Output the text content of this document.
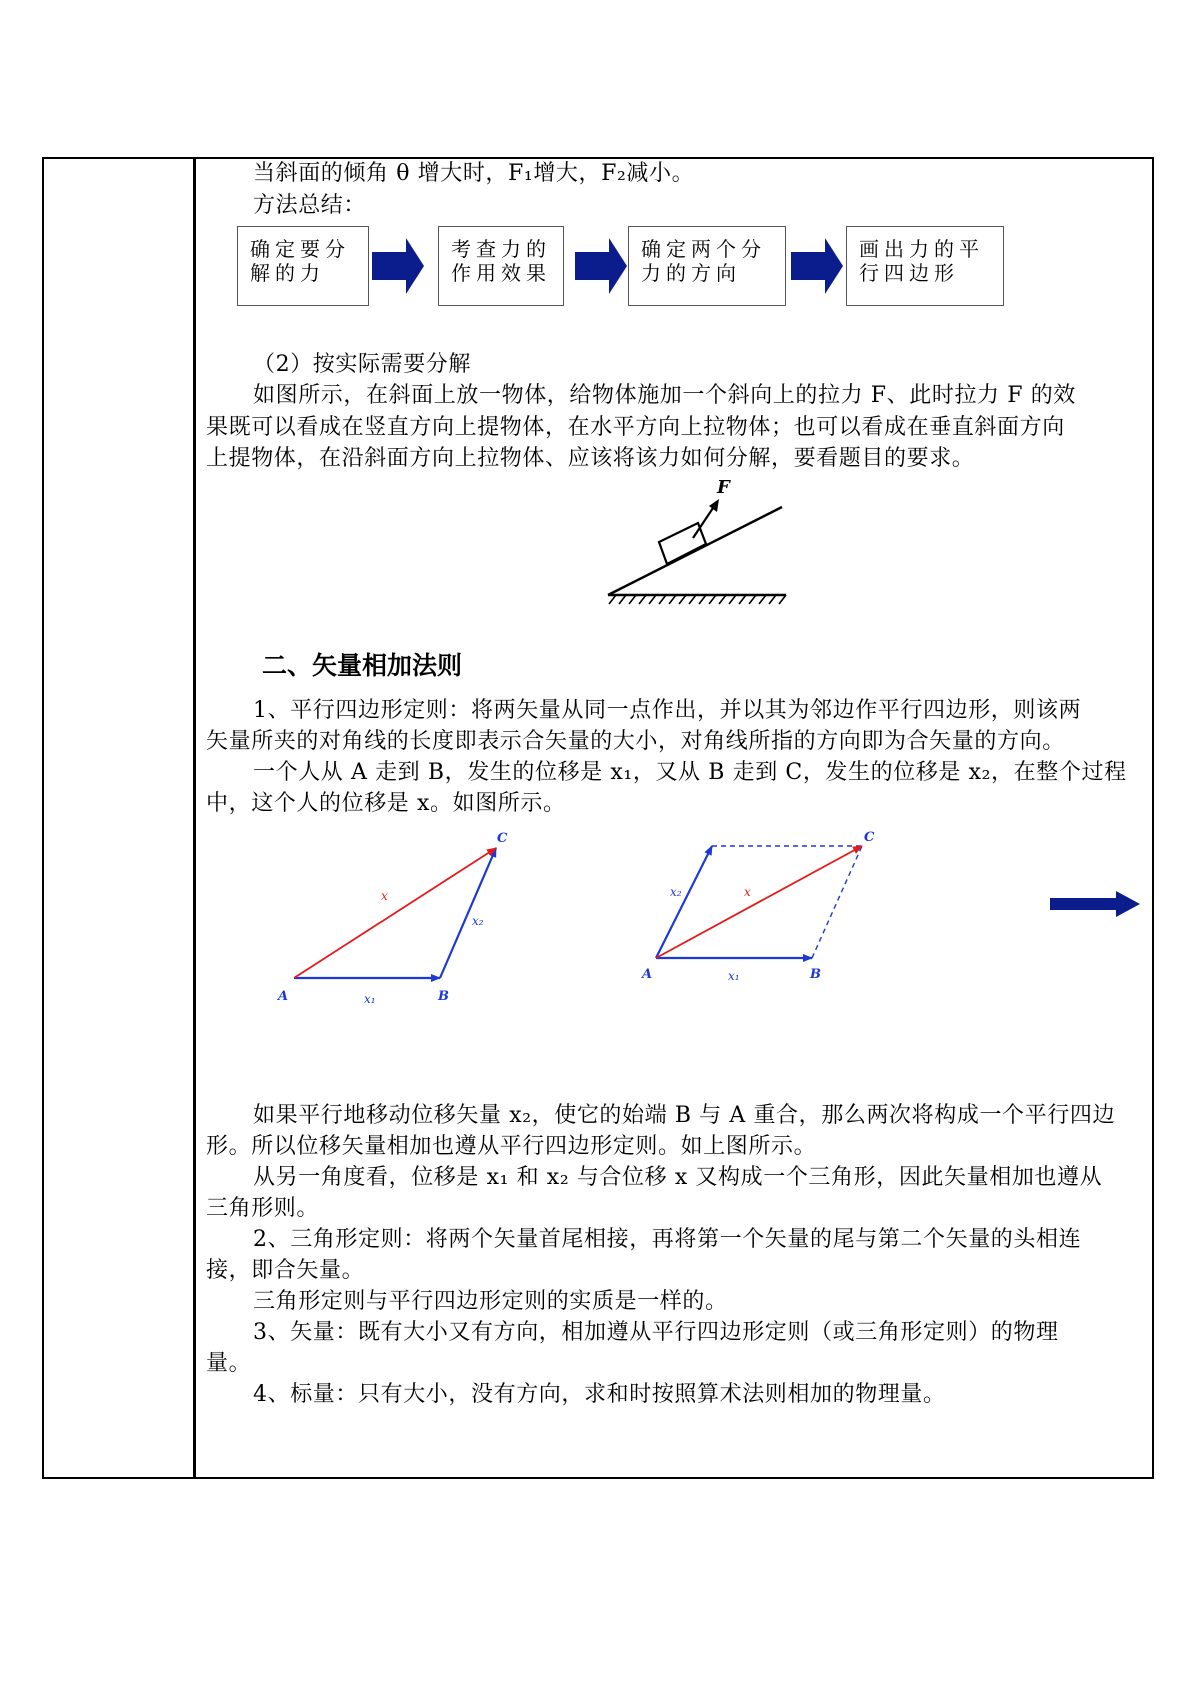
当斜面的倾角 θ 增大时，F₁增大，F₂减小。
方法总结：
确定要分
解的力
考查力的
作用效果
确定两个分
力的方向
画出力的平
行四边形
（2）按实际需要分解
如图所示，在斜面上放一物体，给物体施加一个斜向上的拉力 F、此时拉力 F 的效
果既可以看成在竖直方向上提物体，在水平方向上拉物体；也可以看成在垂直斜面方向
上提物体，在沿斜面方向上拉物体、应该将该力如何分解，要看题目的要求。
F
二、矢量相加法则
1、平行四边形定则：将两矢量从同一点作出，并以其为邻边作平行四边形，则该两
矢量所夹的对角线的长度即表示合矢量的大小，对角线所指的方向即为合矢量的方向。
一个人从 A 走到 B，发生的位移是 x₁，又从 B 走到 C，发生的位移是 x₂，在整个过程
中，这个人的位移是 x。如图所示。
A	B
C
x₁
x₂
x
A	B
C
x₁
x₂	x
如果平行地移动位移矢量 x₂，使它的始端 B 与 A 重合，那么两次将构成一个平行四边
形。所以位移矢量相加也遵从平行四边形定则。如上图所示。
从另一角度看，位移是 x₁ 和 x₂ 与合位移 x 又构成一个三角形，因此矢量相加也遵从
三角形则。
2、三角形定则：将两个矢量首尾相接，再将第一个矢量的尾与第二个矢量的头相连
接，即合矢量。
三角形定则与平行四边形定则的实质是一样的。
3、矢量：既有大小又有方向，相加遵从平行四边形定则（或三角形定则）的物理
量。
4、标量：只有大小，没有方向，求和时按照算术法则相加的物理量。
